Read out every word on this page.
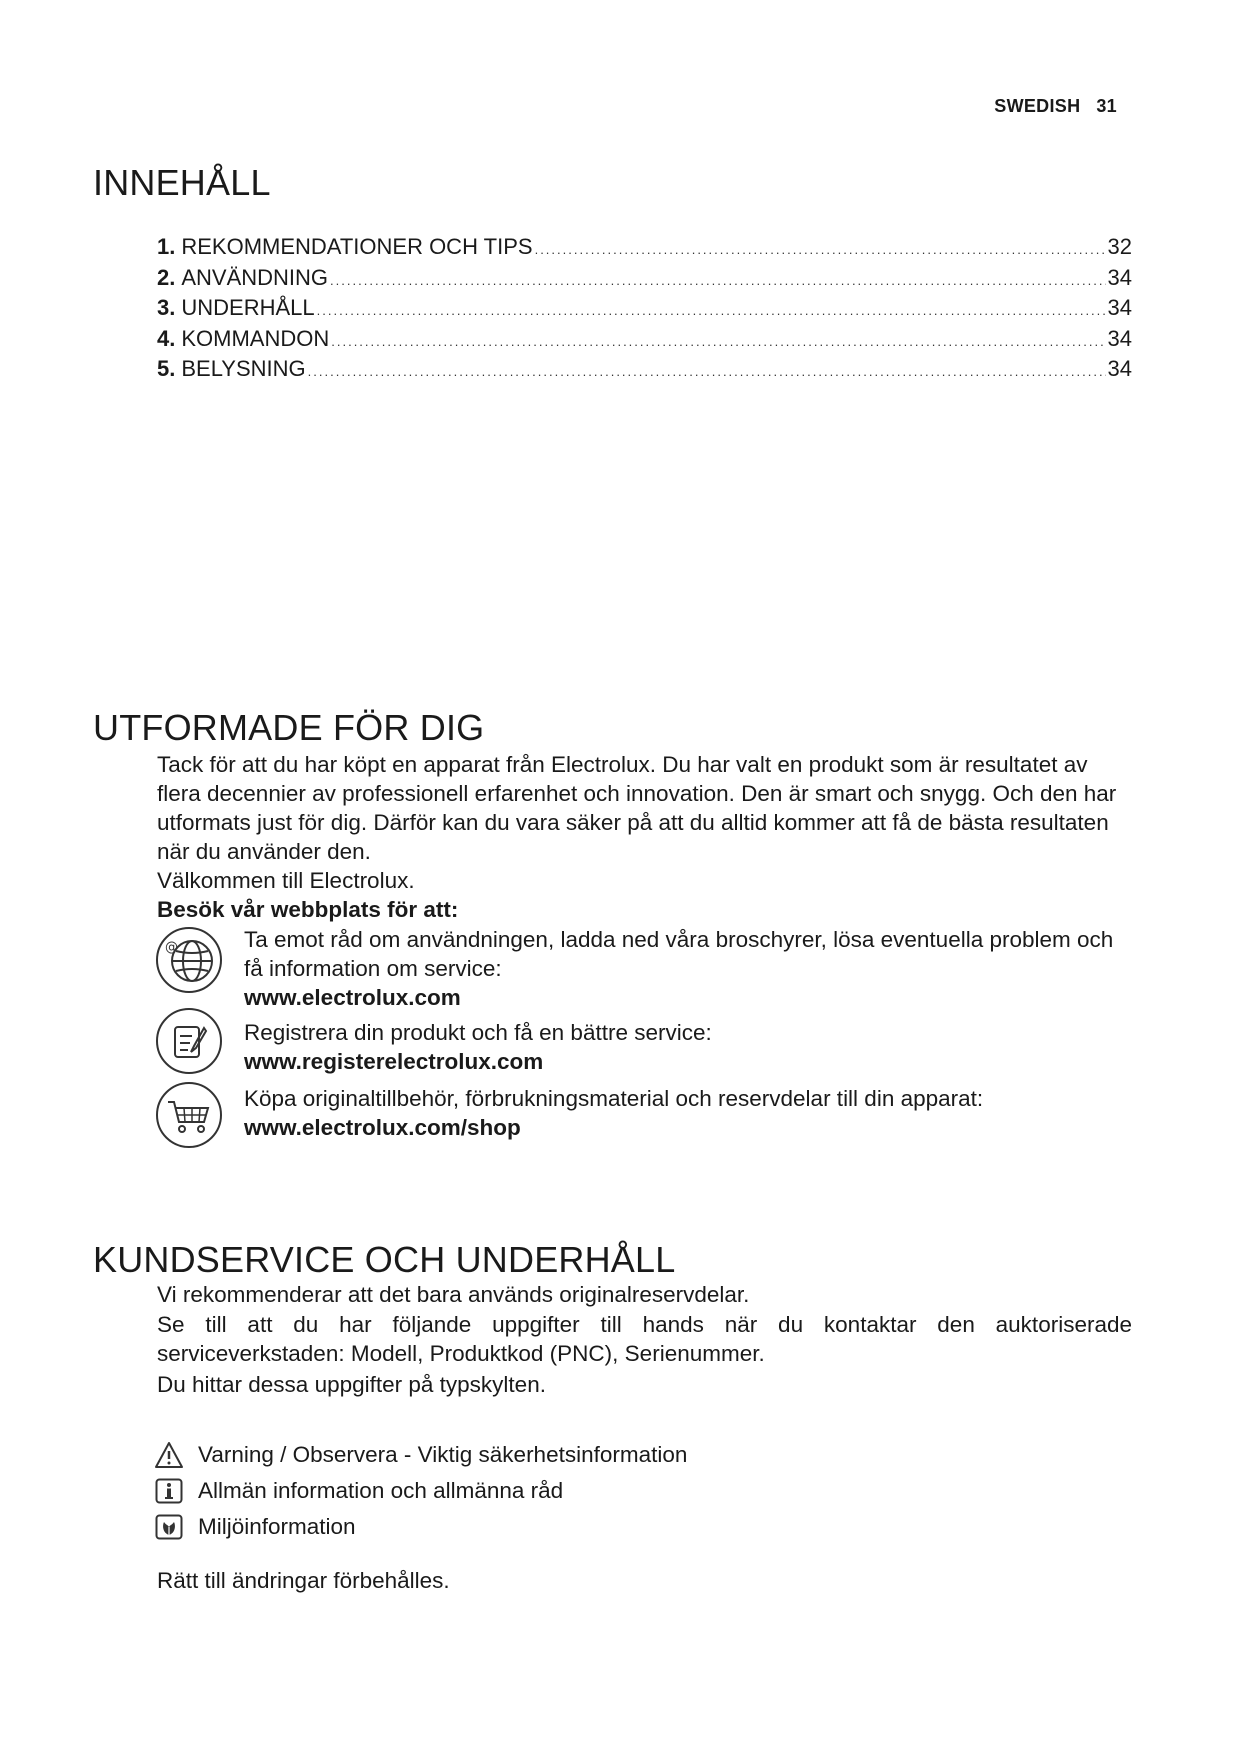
SWEDISH 31
INNEHÅLL
1. REKOMMENDATIONER OCH TIPS .....	32
2. ANVÄNDNING .....	34
3. UNDERHÅLL .....	34
4. KOMMANDON .....	34
5. BELYSNING .....	34
UTFORMADE FÖR DIG
Tack för att du har köpt en apparat från Electrolux. Du har valt en produkt som är resultatet av flera decennier av professionell erfarenhet och innovation. Den är smart och snygg. Och den har utformats just för dig. Därför kan du vara säker på att du alltid kommer att få de bästa resultaten när du använder den.
Välkommen till Electrolux.
Besök vår webbplats för att:
@	Ta emot råd om användningen, ladda ned våra broschyrer, lösa eventuella problem och få information om service:
www.electrolux.com
Registrera din produkt och få en bättre service:
www.registerelectrolux.com
Köpa originaltillbehör, förbrukningsmaterial och reservdelar till din apparat:
www.electrolux.com/shop
KUNDSERVICE OCH UNDERHÅLL
Vi rekommenderar att det bara används originalreservdelar.
Se till att du har följande uppgifter till hands när du kontaktar den auktoriserade serviceverkstaden: Modell, Produktkod (PNC), Serienummer.
Du hittar dessa uppgifter på typskylten.
Varning / Observera - Viktig säkerhetsinformation
Allmän information och allmänna råd
Miljöinformation
Rätt till ändringar förbehålles.
